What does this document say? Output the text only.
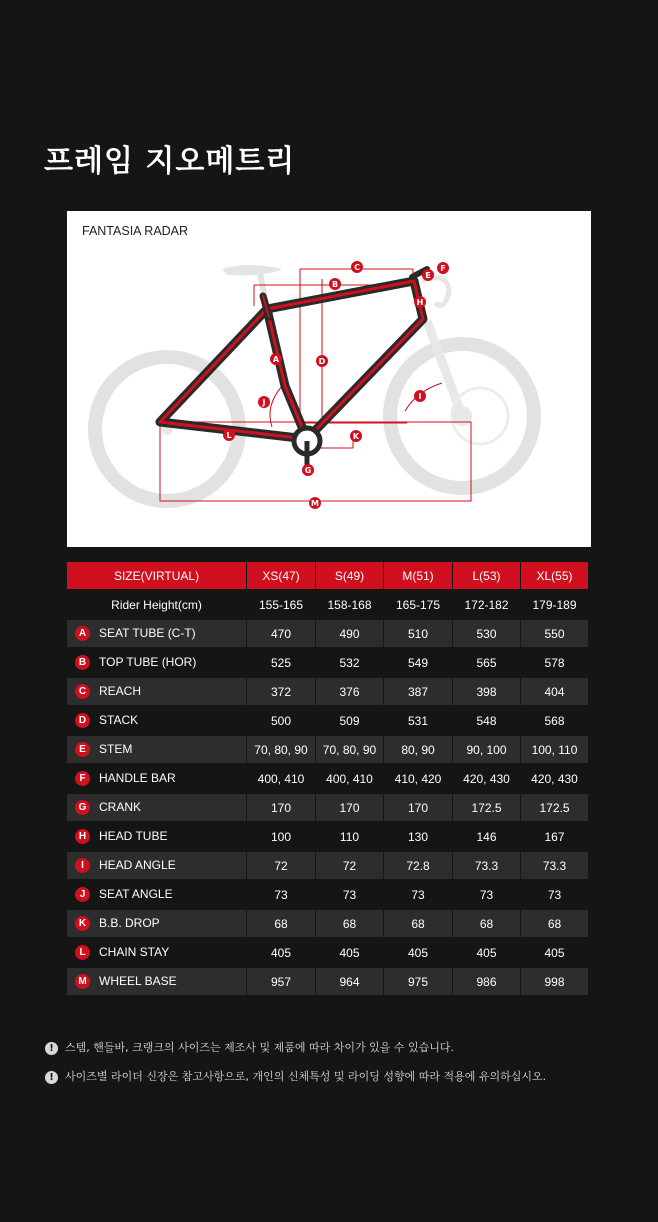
프레임 지오메트리
FANTASIA RADAR
A
B
C
D
E
F
G
H
I
J
K
L
M
SIZE(VIRTUAL)	XS(47)	S(49)	M(51)	L(53)	XL(55)
Rider Height(cm)	155-165	158-168	165-175	172-182	179-189
A SEAT TUBE (C-T)	470	490	510	530	550
B TOP TUBE (HOR)	525	532	549	565	578
C REACH	372	376	387	398	404
D STACK	500	509	531	548	568
E STEM	70, 80, 90	70, 80, 90	80, 90	90, 100	100, 110
F HANDLE BAR	400, 410	400, 410	410, 420	420, 430	420, 430
G CRANK	170	170	170	172.5	172.5
H HEAD TUBE	100	110	130	146	167
I HEAD ANGLE	72	72	72.8	73.3	73.3
J SEAT ANGLE	73	73	73	73	73
K B.B. DROP	68	68	68	68	68
L CHAIN STAY	405	405	405	405	405
M WHEEL BASE	957	964	975	986	998
! 스템, 핸들바, 크랭크의 사이즈는 제조사 및 제품에 따라 차이가 있을 수 있습니다.
! 사이즈별 라이더 신장은 참고사항으로, 개인의 신체특성 및 라이딩 성향에 따라 적용에 유의하십시오.
